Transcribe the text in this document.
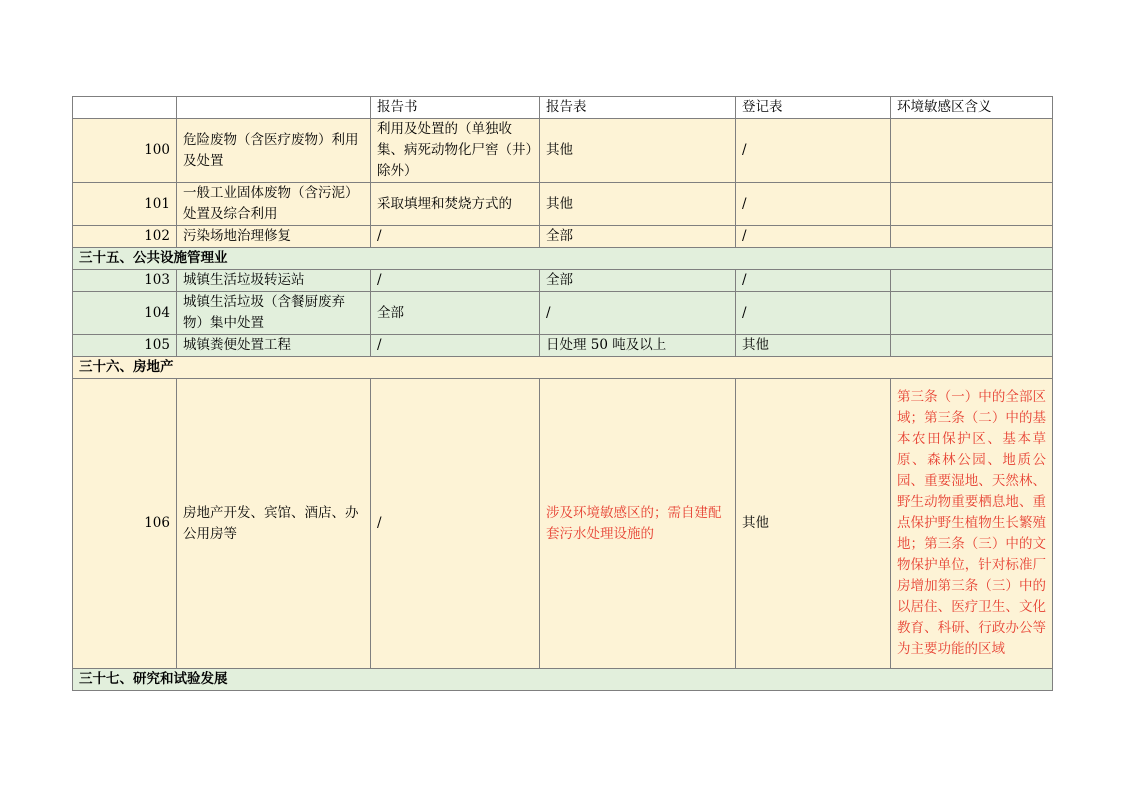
		报告书	报告表	登记表	环境敏感区含义
100	危险废物（含医疗废物）利用及处置	利用及处置的（单独收集、病死动物化尸窖（井）除外）	其他	/	
101	一般工业固体废物（含污泥）处置及综合利用	采取填埋和焚烧方式的	其他	/	
102	污染场地治理修复	/	全部	/	
三十五、公共设施管理业					
103	城镇生活垃圾转运站	/	全部	/	
104	城镇生活垃圾（含餐厨废弃物）集中处置	全部	/	/	
105	城镇粪便处置工程	/	日处理 50 吨及以上	其他	
三十六、房地产					
106	房地产开发、宾馆、酒店、办公用房等	/	涉及环境敏感区的；需自建配套污水处理设施的	其他	第三条（一）中的全部区域；第三条（二）中的基本农田保护区、基本草原、森林公园、地质公园、重要湿地、天然林、野生动物重要栖息地、重点保护野生植物生长繁殖地；第三条（三）中的文物保护单位，针对标准厂房增加第三条（三）中的以居住、医疗卫生、文化教育、科研、行政办公等为主要功能的区域
三十七、研究和试验发展					
